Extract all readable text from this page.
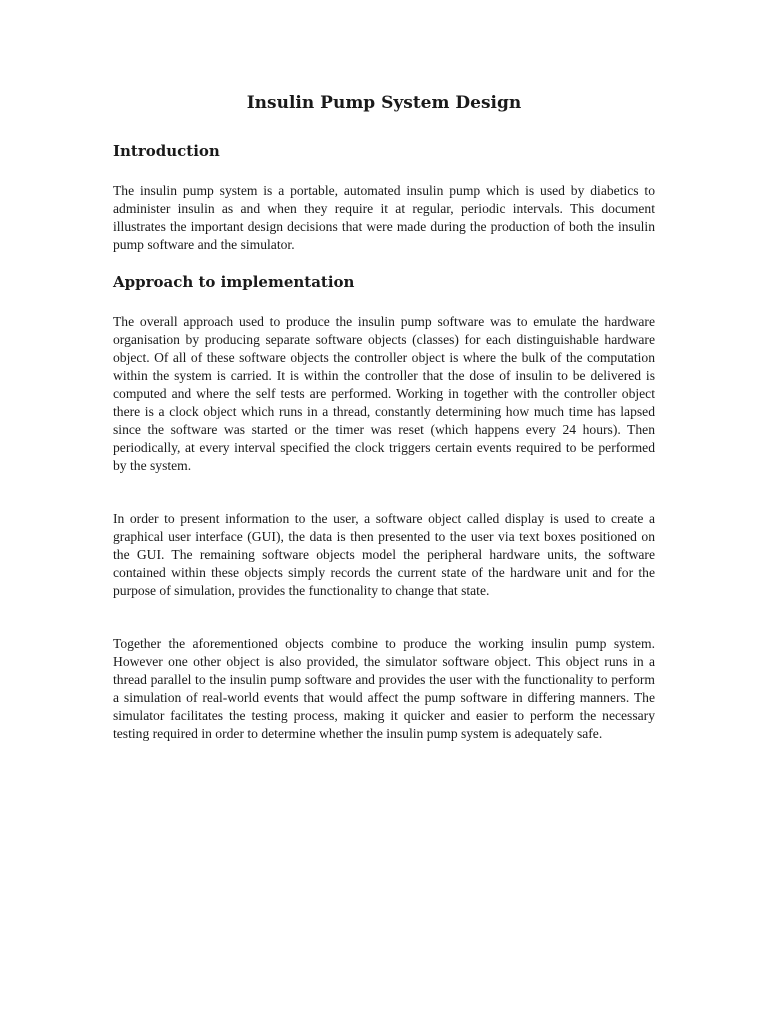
Insulin Pump System Design
Introduction

The insulin pump system is a portable, automated insulin pump which is used by diabetics to administer insulin as and when they require it at regular, periodic intervals. This document illustrates the important design decisions that were made during the production of both the insulin pump software and the simulator.

Approach to implementation

The overall approach used to produce the insulin pump software was to emulate the hardware organisation by producing separate software objects (classes) for each distinguishable hardware object. Of all of these software objects the controller object is where the bulk of the computation within the system is carried. It is within the controller that the dose of insulin to be delivered is computed and where the self tests are performed. Working in together with the controller object there is a clock object which runs in a thread, constantly determining how much time has lapsed since the software was started or the timer was reset (which happens every 24 hours). Then periodically, at every interval specified the clock triggers certain events required to be performed by the system.

In order to present information to the user, a software object called display is used to create a graphical user interface (GUI), the data is then presented to the user via text boxes positioned on the GUI. The remaining software objects model the peripheral hardware units, the software contained within these objects simply records the current state of the hardware unit and for the purpose of simulation, provides the functionality to change that state.

Together the aforementioned objects combine to produce the working insulin pump system. However one other object is also provided, the simulator software object. This object runs in a thread parallel to the insulin pump software and provides the user with the functionality to perform a simulation of real-world events that would affect the pump software in differing manners. The simulator facilitates the testing process, making it quicker and easier to perform the necessary testing required in order to determine whether the insulin pump system is adequately safe.
